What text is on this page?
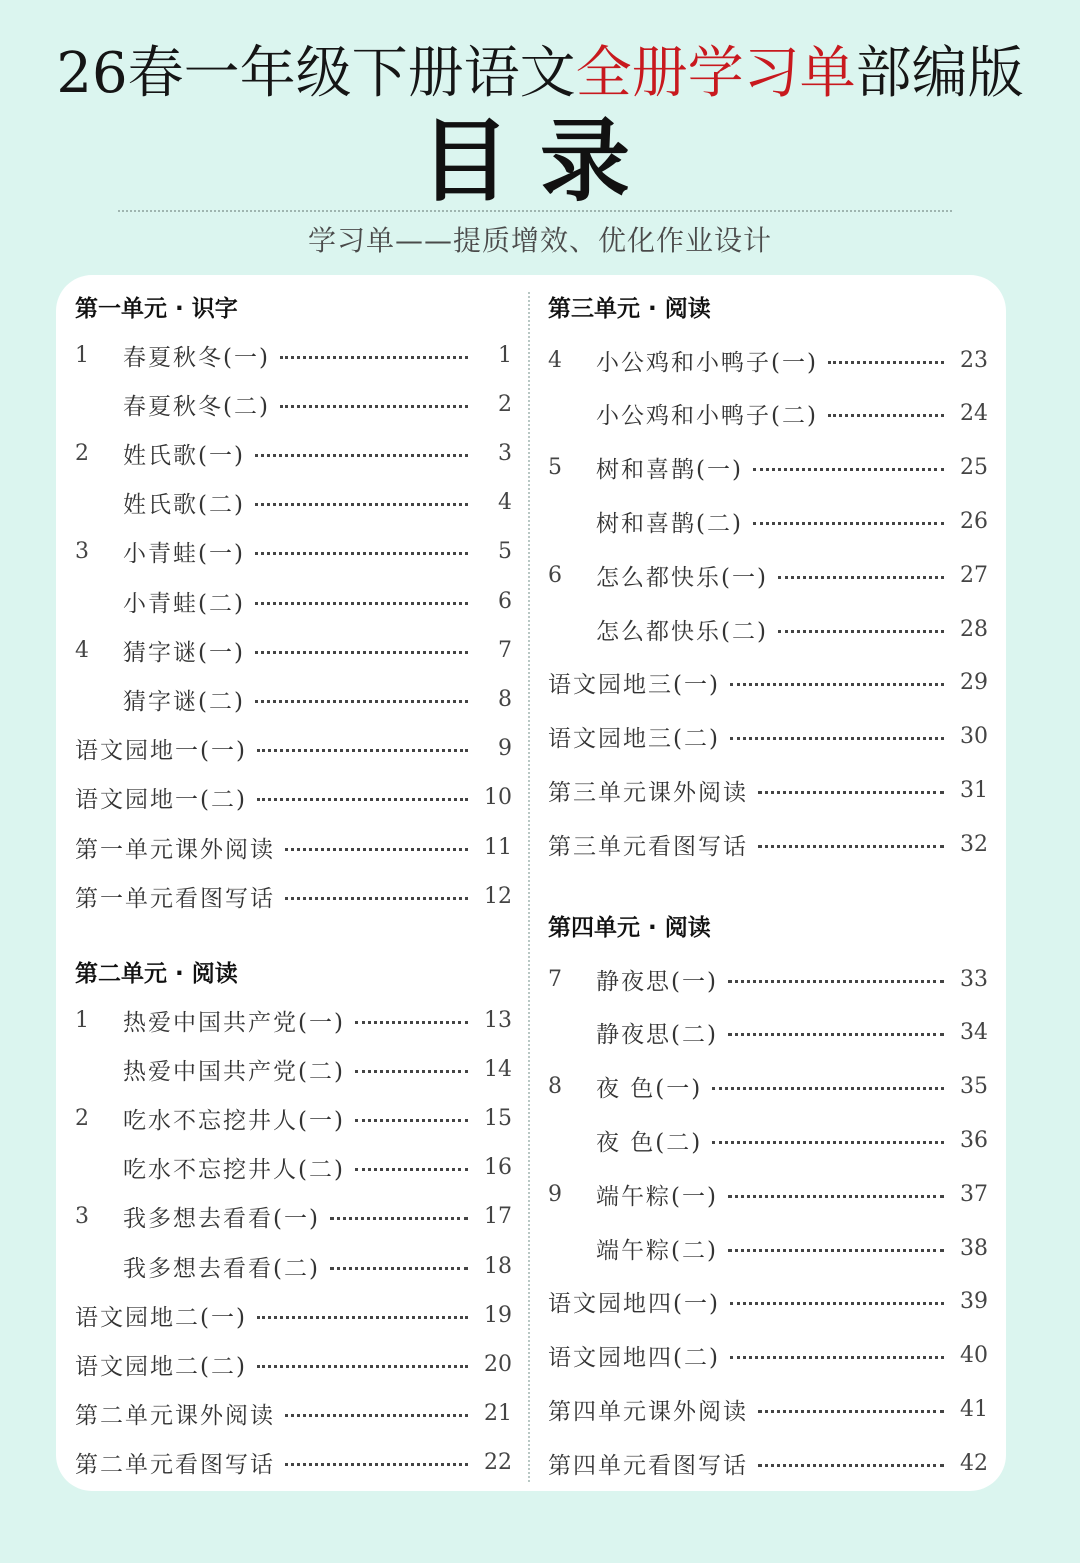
26春一年级下册语文全册学习单部编版
目录
学习单——提质增效、优化作业设计
第一单元 · 识字
1	春夏秋冬(一)	1
春夏秋冬(二)	2
2	姓氏歌(一)	3
姓氏歌(二)	4
3	小青蛙(一)	5
小青蛙(二)	6
4	猜字谜(一)	7
猜字谜(二)	8
语文园地一(一)	9
语文园地一(二)	10
第一单元课外阅读	11
第一单元看图写话	12
第二单元 · 阅读
1	热爱中国共产党(一)	13
热爱中国共产党(二)	14
2	吃水不忘挖井人(一)	15
吃水不忘挖井人(二)	16
3	我多想去看看(一)	17
我多想去看看(二)	18
语文园地二(一)	19
语文园地二(二)	20
第二单元课外阅读	21
第二单元看图写话	22
第三单元 · 阅读
4	小公鸡和小鸭子(一)	23
小公鸡和小鸭子(二)	24
5	树和喜鹊(一)	25
树和喜鹊(二)	26
6	怎么都快乐(一)	27
怎么都快乐(二)	28
语文园地三(一)	29
语文园地三(二)	30
第三单元课外阅读	31
第三单元看图写话	32
第四单元 · 阅读
7	静夜思(一)	33
静夜思(二)	34
8	夜 色(一)	35
夜 色(二)	36
9	端午粽(一)	37
端午粽(二)	38
语文园地四(一)	39
语文园地四(二)	40
第四单元课外阅读	41
第四单元看图写话	42
